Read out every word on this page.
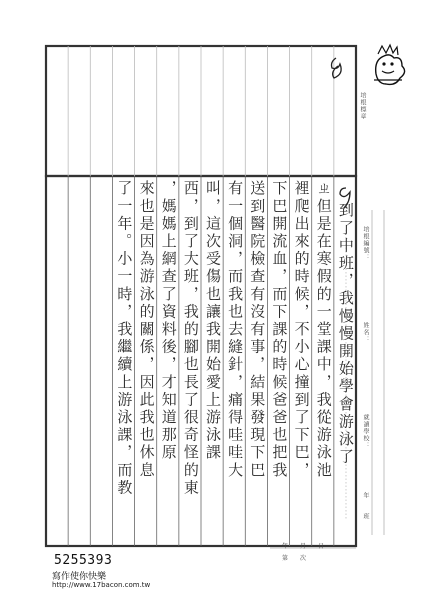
培根標章
培根編號：
姓名：
就讀學校：
年　　班
ㄓ但是在寒假的一堂課中，我從游泳池
裡爬出來的時候，不小心撞到了下巴，
下巴開流血，而下課的時候爸爸也把我
送到醫院檢查有沒有事，結果發現下巴
有一個洞，而我也去縫針，痛得哇哇大
叫，這次受傷也讓我開始愛上游泳課
西，到了大班，我的腳也長了很奇怪的東
，媽媽上網查了資料後，才知道那原
來也是因為游泳的關係，因此我也休息
了一年。小一時，我繼續上游泳課，而教	到了中班，我慢慢開始學會游泳了
5255393
寫作使你快樂
http://www.17bacon.com.tw
年　　月　　日
第　　次
